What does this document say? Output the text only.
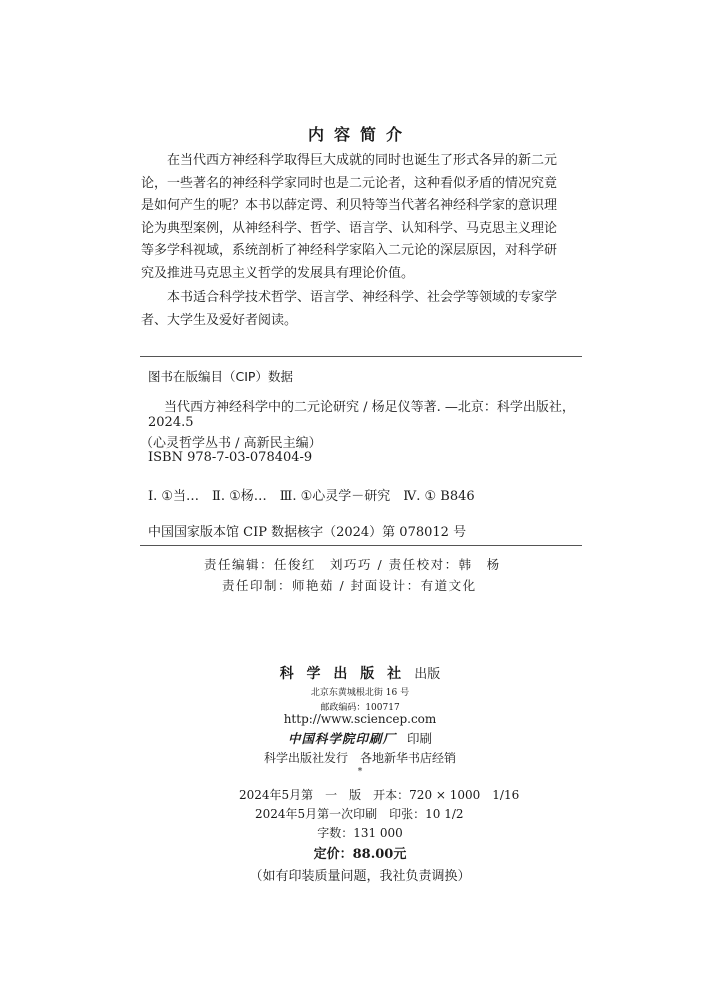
内容简介
在当代西方神经科学取得巨大成就的同时也诞生了形式各异的新二元
论，一些著名的神经科学家同时也是二元论者，这种看似矛盾的情况究竟
是如何产生的呢？本书以薛定谔、利贝特等当代著名神经科学家的意识理
论为典型案例，从神经科学、哲学、语言学、认知科学、马克思主义理论
等多学科视域，系统剖析了神经科学家陷入二元论的深层原因，对科学研
究及推进马克思主义哲学的发展具有理论价值。
本书适合科学技术哲学、语言学、神经科学、社会学等领域的专家学
者、大学生及爱好者阅读。
图书在版编目（CIP）数据
当代西方神经科学中的二元论研究 / 杨足仪等著. —北京：科学出版社，
2024.5
（心灵哲学丛书 / 高新民主编）
ISBN 978-7-03-078404-9
Ⅰ. ①当…　Ⅱ. ①杨…　Ⅲ. ①心灵学－研究　Ⅳ. ① B846
中国国家版本馆 CIP 数据核字（2024）第 078012 号
责任编辑：任俊红　刘巧巧 / 责任校对：韩　杨
责任印制：师艳茹 / 封面设计：有道文化
科 学 出 版 社 出版
北京东黄城根北街 16 号
邮政编码：100717
http://www.sciencep.com
中国科学院印刷厂 印刷
科学出版社发行　各地新华书店经销
*
2024年5月第　一　版　开本：720 × 1000　1/16
2024年5月第一次印刷　印张：10 1/2
字数：131 000
定价：88.00元
（如有印装质量问题，我社负责调换）
